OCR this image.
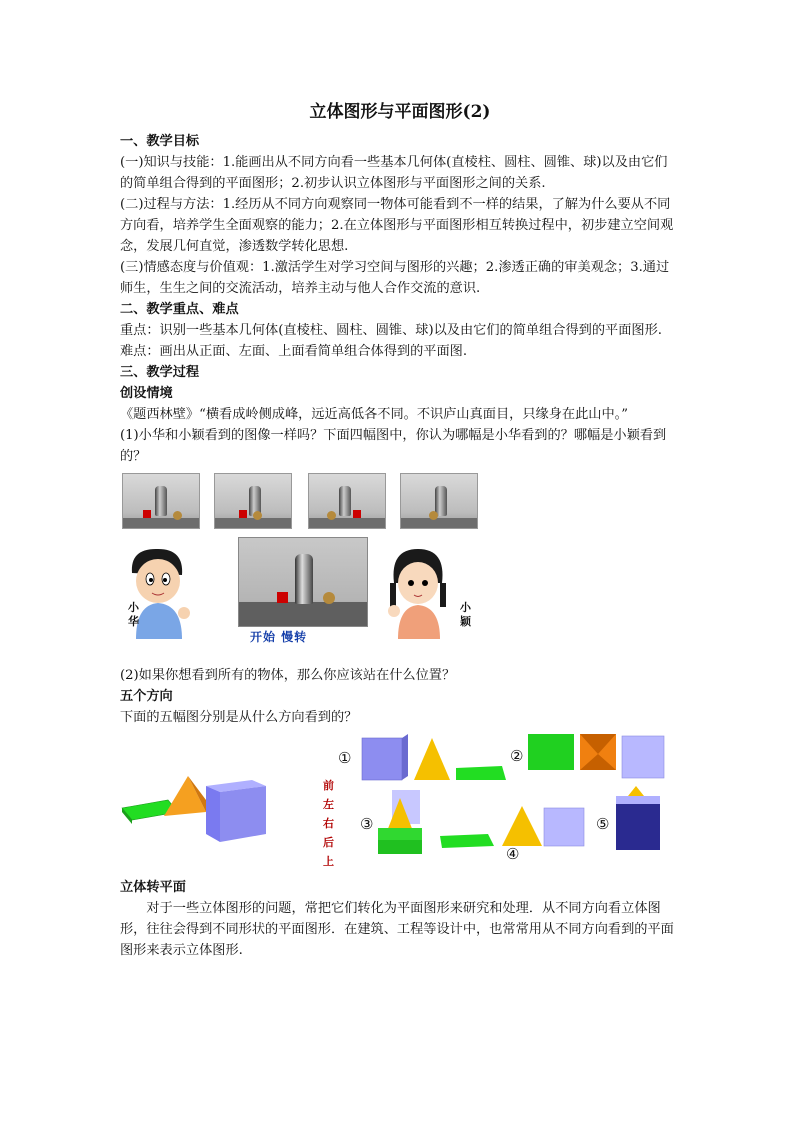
立体图形与平面图形(2)

一、教学目标

(一)知识与技能：1.能画出从不同方向看一些基本几何体(直棱柱、圆柱、圆锥、球)以及由它们的简单组合得到的平面图形；2.初步认识立体图形与平面图形之间的关系.

(二)过程与方法：1.经历从不同方向观察同一物体可能看到不一样的结果，了解为什么要从不同方向看，培养学生全面观察的能力；2.在立体图形与平面图形相互转换过程中，初步建立空间观念，发展几何直觉，渗透数学转化思想.

(三)情感态度与价值观：1.激活学生对学习空间与图形的兴趣；2.渗透正确的审美观念；3.通过师生，生生之间的交流活动，培养主动与他人合作交流的意识.

二、教学重点、难点

重点：识别一些基本几何体(直棱柱、圆柱、圆锥、球)以及由它们的简单组合得到的平面图形.

难点：画出从正面、左面、上面看简单组合体得到的平面图.

三、教学过程

创设情境

《题西林壁》“横看成岭侧成峰，远近高低各不同。不识庐山真面目，只缘身在此山中。”

(1)小华和小颖看到的图像一样吗？下面四幅图中，你认为哪幅是小华看到的？哪幅是小颖看到的？

小华
开始 慢转
小颖

(2)如果你想看到所有的物体，那么你应该站在什么位置？

五个方向

下面的五幅图分别是从什么方向看到的？

前
左
右
后
上
①	②
③
④
⑤

立体转平面

对于一些立体图形的问题，常把它们转化为平面图形来研究和处理．从不同方向看立体图形，往往会得到不同形状的平面图形．在建筑、工程等设计中，也常常用从不同方向看到的平面图形来表示立体图形.
